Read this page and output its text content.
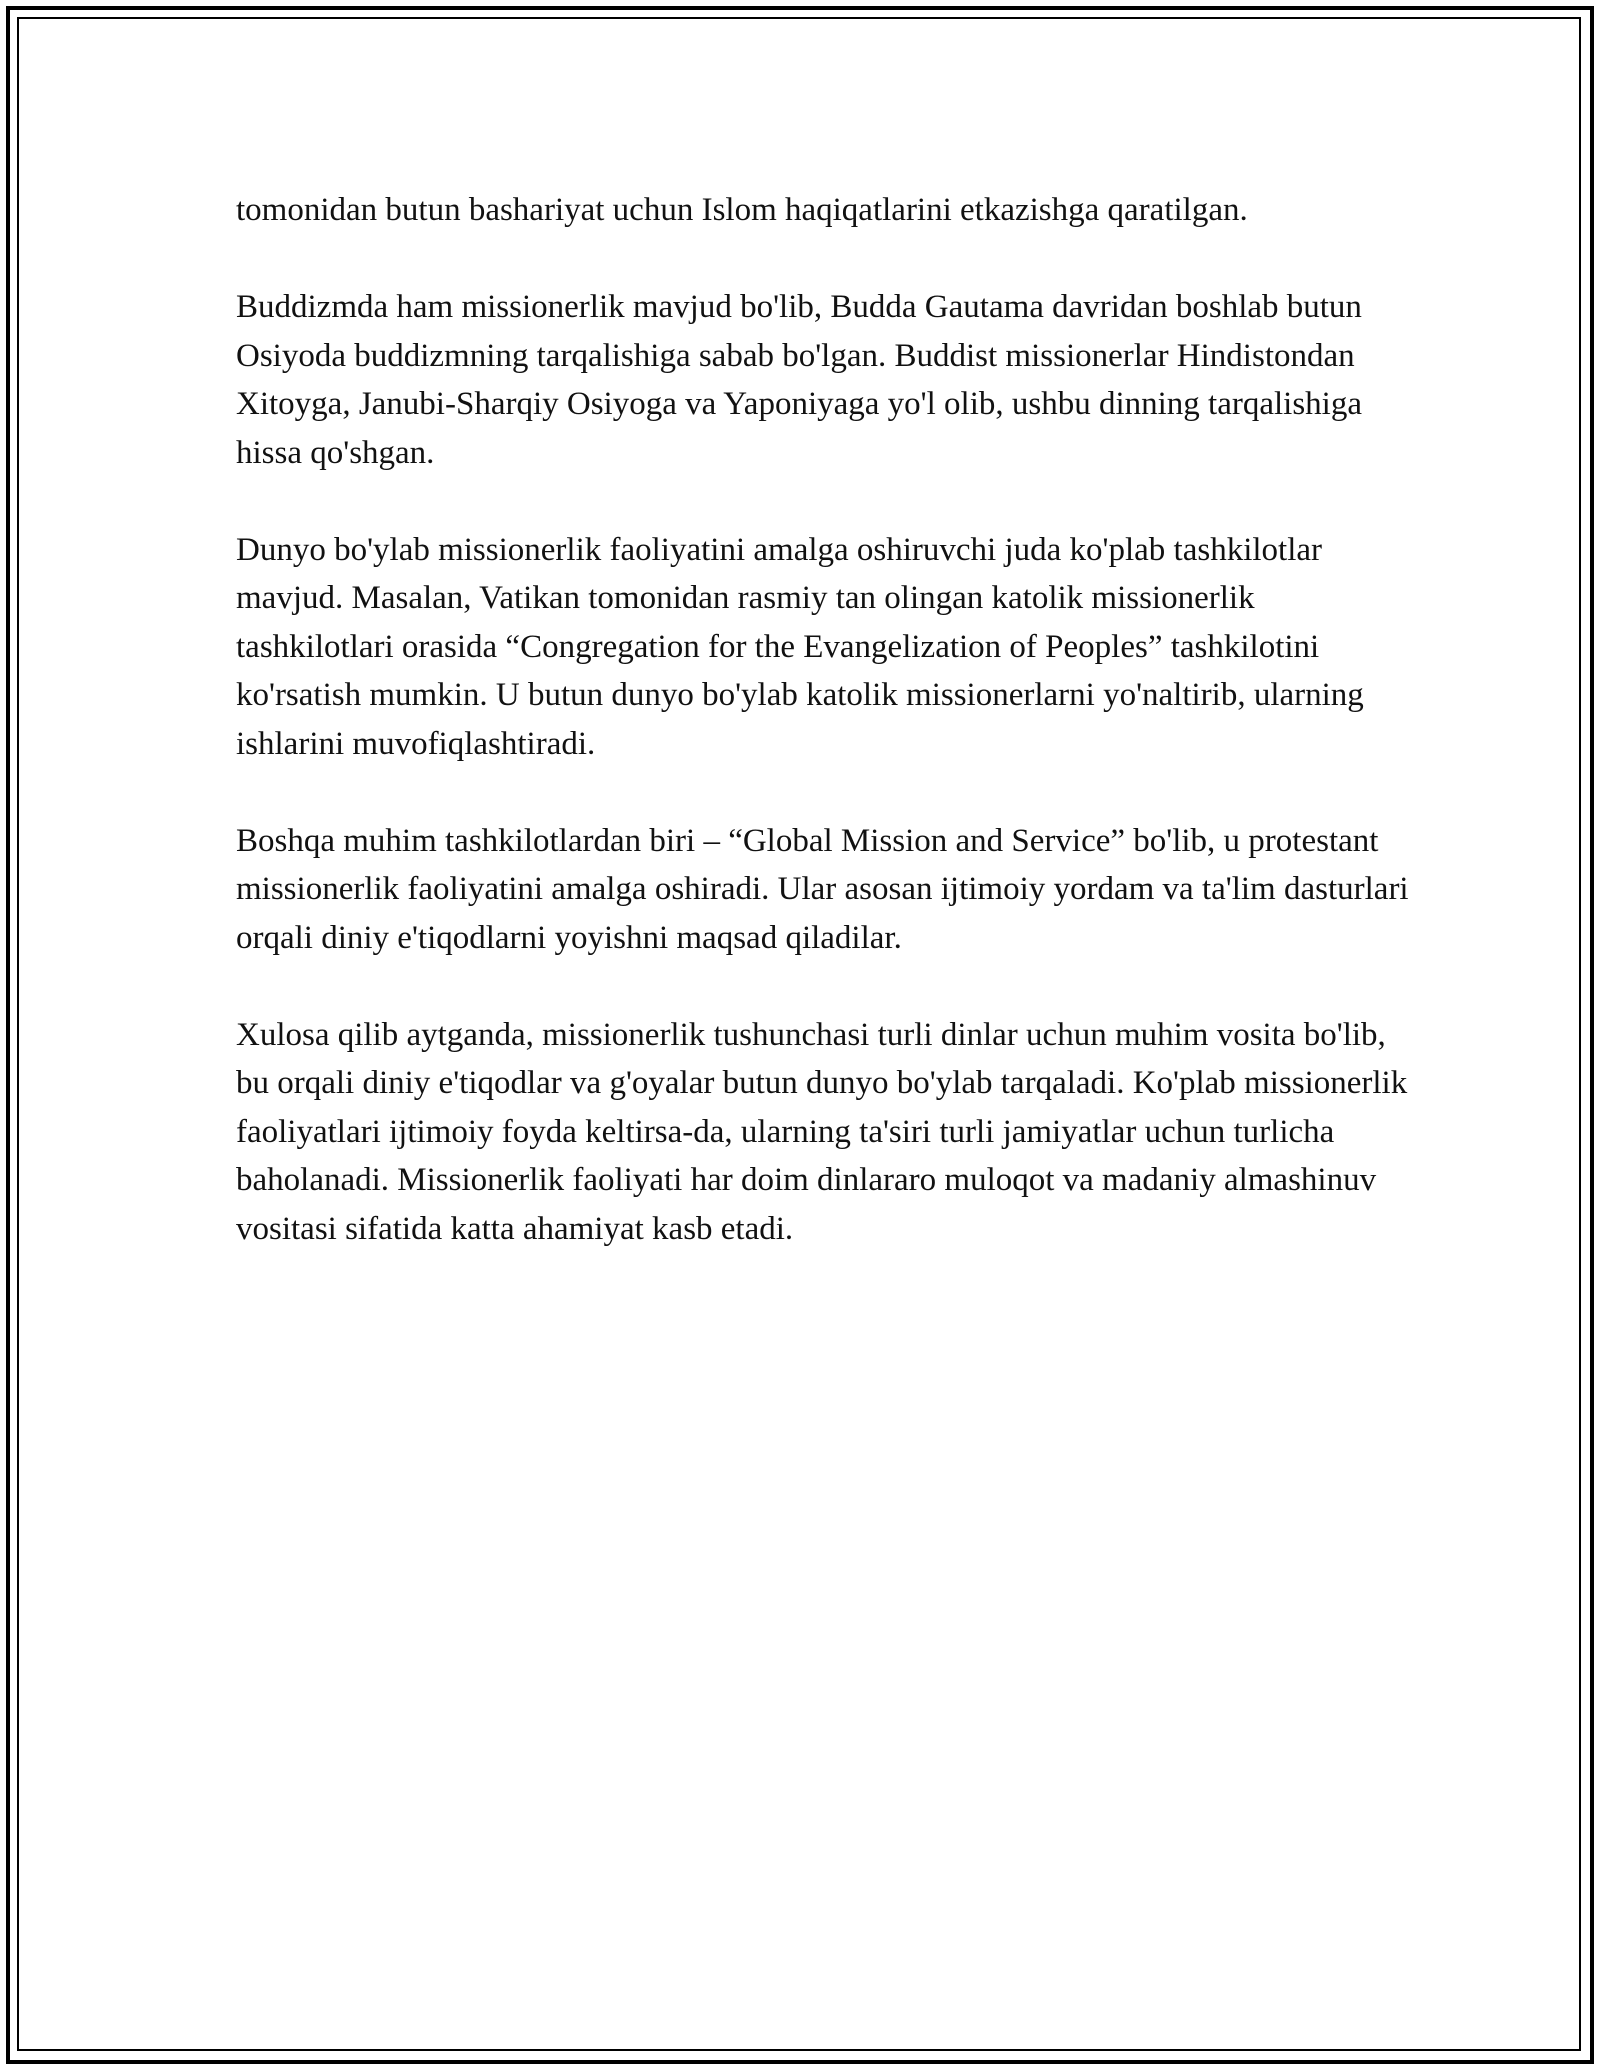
tomonidan butun bashariyat uchun Islom haqiqatlarini etkazishga qaratilgan.

Buddizmda ham missionerlik mavjud bo'lib, Budda Gautama davridan boshlab butun Osiyoda buddizmning tarqalishiga sabab bo'lgan. Buddist missionerlar Hindistondan Xitoyga, Janubi-Sharqiy Osiyoga va Yaponiyaga yo'l olib, ushbu dinning tarqalishiga hissa qo'shgan.

Dunyo bo'ylab missionerlik faoliyatini amalga oshiruvchi juda ko'plab tashkilotlar mavjud. Masalan, Vatikan tomonidan rasmiy tan olingan katolik missionerlik tashkilotlari orasida “Congregation for the Evangelization of Peoples” tashkilotini ko'rsatish mumkin. U butun dunyo bo'ylab katolik missionerlarni yo'naltirib, ularning ishlarini muvofiqlashtiradi.

Boshqa muhim tashkilotlardan biri – “Global Mission and Service” bo'lib, u protestant missionerlik faoliyatini amalga oshiradi. Ular asosan ijtimoiy yordam va ta'lim dasturlari orqali diniy e'tiqodlarni yoyishni maqsad qiladilar.

Xulosa qilib aytganda, missionerlik tushunchasi turli dinlar uchun muhim vosita bo'lib, bu orqali diniy e'tiqodlar va g'oyalar butun dunyo bo'ylab tarqaladi. Ko'plab missionerlik faoliyatlari ijtimoiy foyda keltirsa-da, ularning ta'siri turli jamiyatlar uchun turlicha baholanadi. Missionerlik faoliyati har doim dinlararo muloqot va madaniy almashinuv vositasi sifatida katta ahamiyat kasb etadi.
